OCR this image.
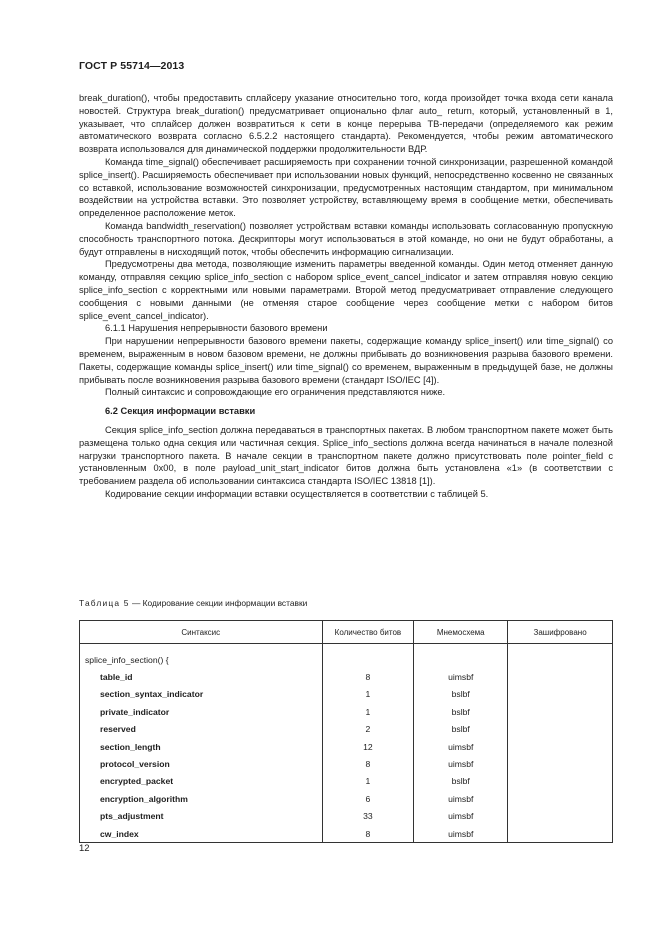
ГОСТ Р 55714—2013

break_duration(), чтобы предоставить сплайсеру указание относительно того, когда произойдет точка входа сети канала новостей. Структура break_duration() предусматривает опционально флаг auto_ return, который, установленный в 1, указывает, что сплайсер должен возвратиться к сети в конце перерыва ТВ-передачи (определяемого как режим автоматического возврата согласно 6.5.2.2 настоящего стандарта). Рекомендуется, чтобы режим автоматического возврата использовался для динамической поддержки продолжительности ВДР.

Команда time_signal() обеспечивает расширяемость при сохранении точной синхронизации, разрешенной командой splice_insert(). Расширяемость обеспечивает при использовании новых функций, непосредственно косвенно не связанных со вставкой, использование возможностей синхронизации, предусмотренных настоящим стандартом, при минимальном воздействии на устройства вставки. Это позволяет устройству, вставляющему время в сообщение метки, обеспечивать определенное расположение меток.

Команда bandwidth_reservation() позволяет устройствам вставки команды использовать согласованную пропускную способность транспортного потока. Дескрипторы могут использоваться в этой команде, но они не будут обработаны, а будут отправлены в нисходящий поток, чтобы обеспечить информацию сигнализации.

Предусмотрены два метода, позволяющие изменить параметры введенной команды. Один метод отменяет данную команду, отправляя секцию splice_info_section с набором splice_event_cancel_indicator и затем отправляя новую секцию splice_info_section с корректными или новыми параметрами. Второй метод предусматривает отправление следующего сообщения с новыми данными (не отменяя старое сообщение через сообщение метки с набором битов splice_event_cancel_indicator).

6.1.1 Нарушения непрерывности базового времени

При нарушении непрерывности базового времени пакеты, содержащие команду splice_insert() или time_signal() со временем, выраженным в новом базовом времени, не должны прибывать до возникновения разрыва базового времени. Пакеты, содержащие команды splice_insert() или time_signal() со временем, выраженным в предыдущей базе, не должны прибывать после возникновения разрыва базового времени (стандарт ISO/IEC [4]).

Полный синтаксис и сопровождающие его ограничения представляются ниже.

6.2 Секция информации вставки

Секция splice_info_section должна передаваться в транспортных пакетах. В любом транспортном пакете может быть размещена только одна секция или частичная секция. Splice_info_sections должна всегда начинаться в начале полезной нагрузки транспортного пакета. В начале секции в транспортном пакете должно присутствовать поле pointer_field с установленным 0x00, в поле payload_unit_start_indicator битов должна быть установлена «1» (в соответствии с требованием раздела об использовании синтаксиса стандарта ISO/IEC 13818 [1]).

Кодирование секции информации вставки осуществляется в соответствии с таблицей 5.

Таблица 5 — Кодирование секции информации вставки
Синтаксис	Количество битов	Мнемосхема	Зашифровано

splice_info_section() {			
table_id	8	uimsbf	
section_syntax_indicator	1	bslbf	
private_indicator	1	bslbf	
reserved	2	bslbf	
section_length	12	uimsbf	
protocol_version	8	uimsbf	
encrypted_packet	1	bslbf	
encryption_algorithm	6	uimsbf	
pts_adjustment	33	uimsbf	
cw_index	8	uimsbf	
12
